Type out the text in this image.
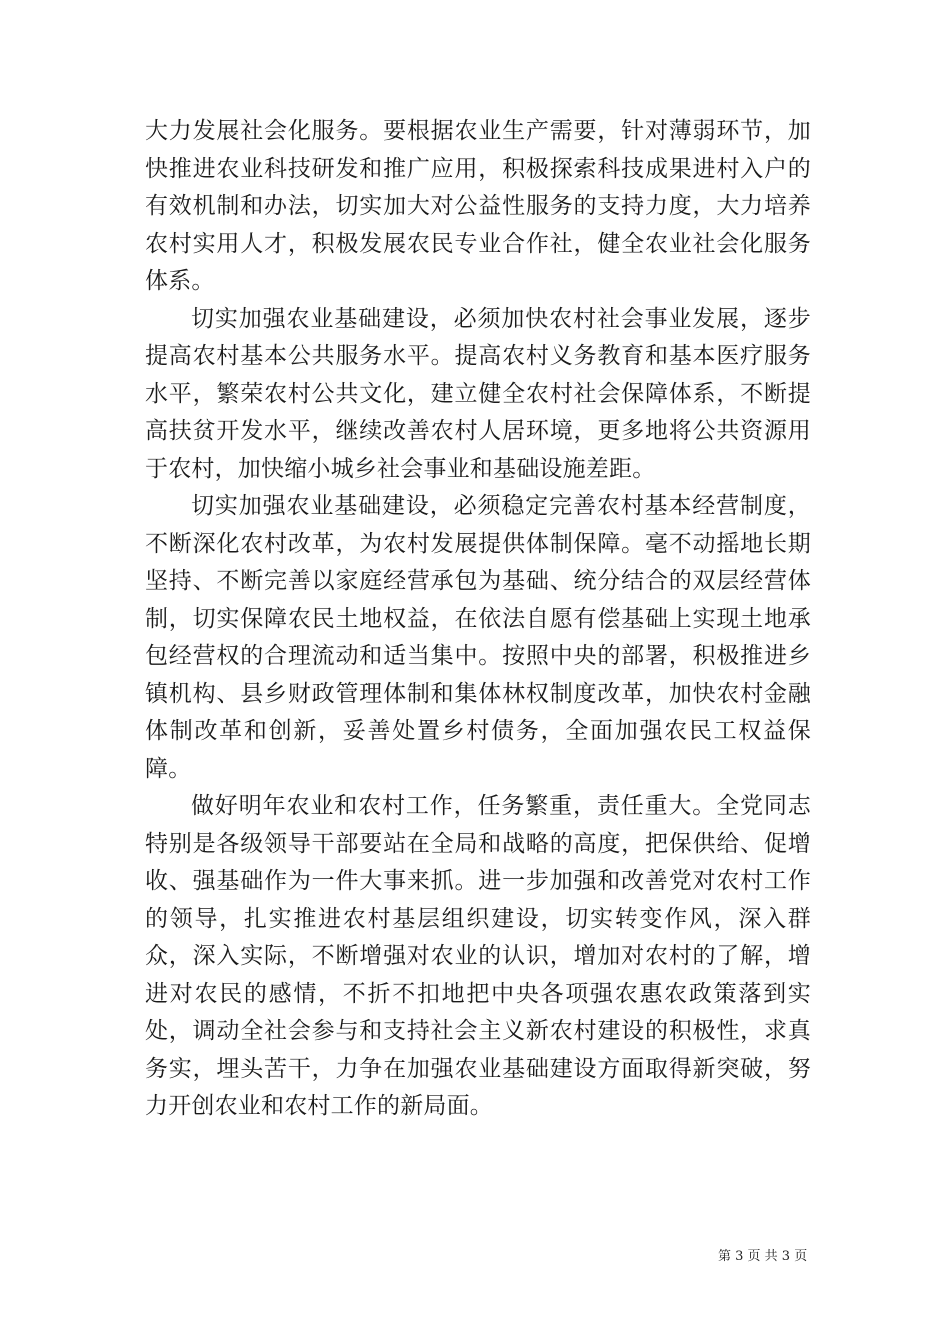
大力发展社会化服务。要根据农业生产需要，针对薄弱环节，加快推进农业科技研发和推广应用，积极探索科技成果进村入户的有效机制和办法，切实加大对公益性服务的支持力度，大力培养农村实用人才，积极发展农民专业合作社，健全农业社会化服务体系。

切实加强农业基础建设，必须加快农村社会事业发展，逐步提高农村基本公共服务水平。提高农村义务教育和基本医疗服务水平，繁荣农村公共文化，建立健全农村社会保障体系，不断提高扶贫开发水平，继续改善农村人居环境，更多地将公共资源用于农村，加快缩小城乡社会事业和基础设施差距。

切实加强农业基础建设，必须稳定完善农村基本经营制度，不断深化农村改革，为农村发展提供体制保障。毫不动摇地长期坚持、不断完善以家庭经营承包为基础、统分结合的双层经营体制，切实保障农民土地权益，在依法自愿有偿基础上实现土地承包经营权的合理流动和适当集中。按照中央的部署，积极推进乡镇机构、县乡财政管理体制和集体林权制度改革，加快农村金融体制改革和创新，妥善处置乡村债务，全面加强农民工权益保障。

做好明年农业和农村工作，任务繁重，责任重大。全党同志特别是各级领导干部要站在全局和战略的高度，把保供给、促增收、强基础作为一件大事来抓。进一步加强和改善党对农村工作的领导，扎实推进农村基层组织建设，切实转变作风，深入群众，深入实际，不断增强对农业的认识，增加对农村的了解，增进对农民的感情，不折不扣地把中央各项强农惠农政策落到实处，调动全社会参与和支持社会主义新农村建设的积极性，求真务实，埋头苦干，力争在加强农业基础建设方面取得新突破，努力开创农业和农村工作的新局面。

第 3 页 共 3 页
